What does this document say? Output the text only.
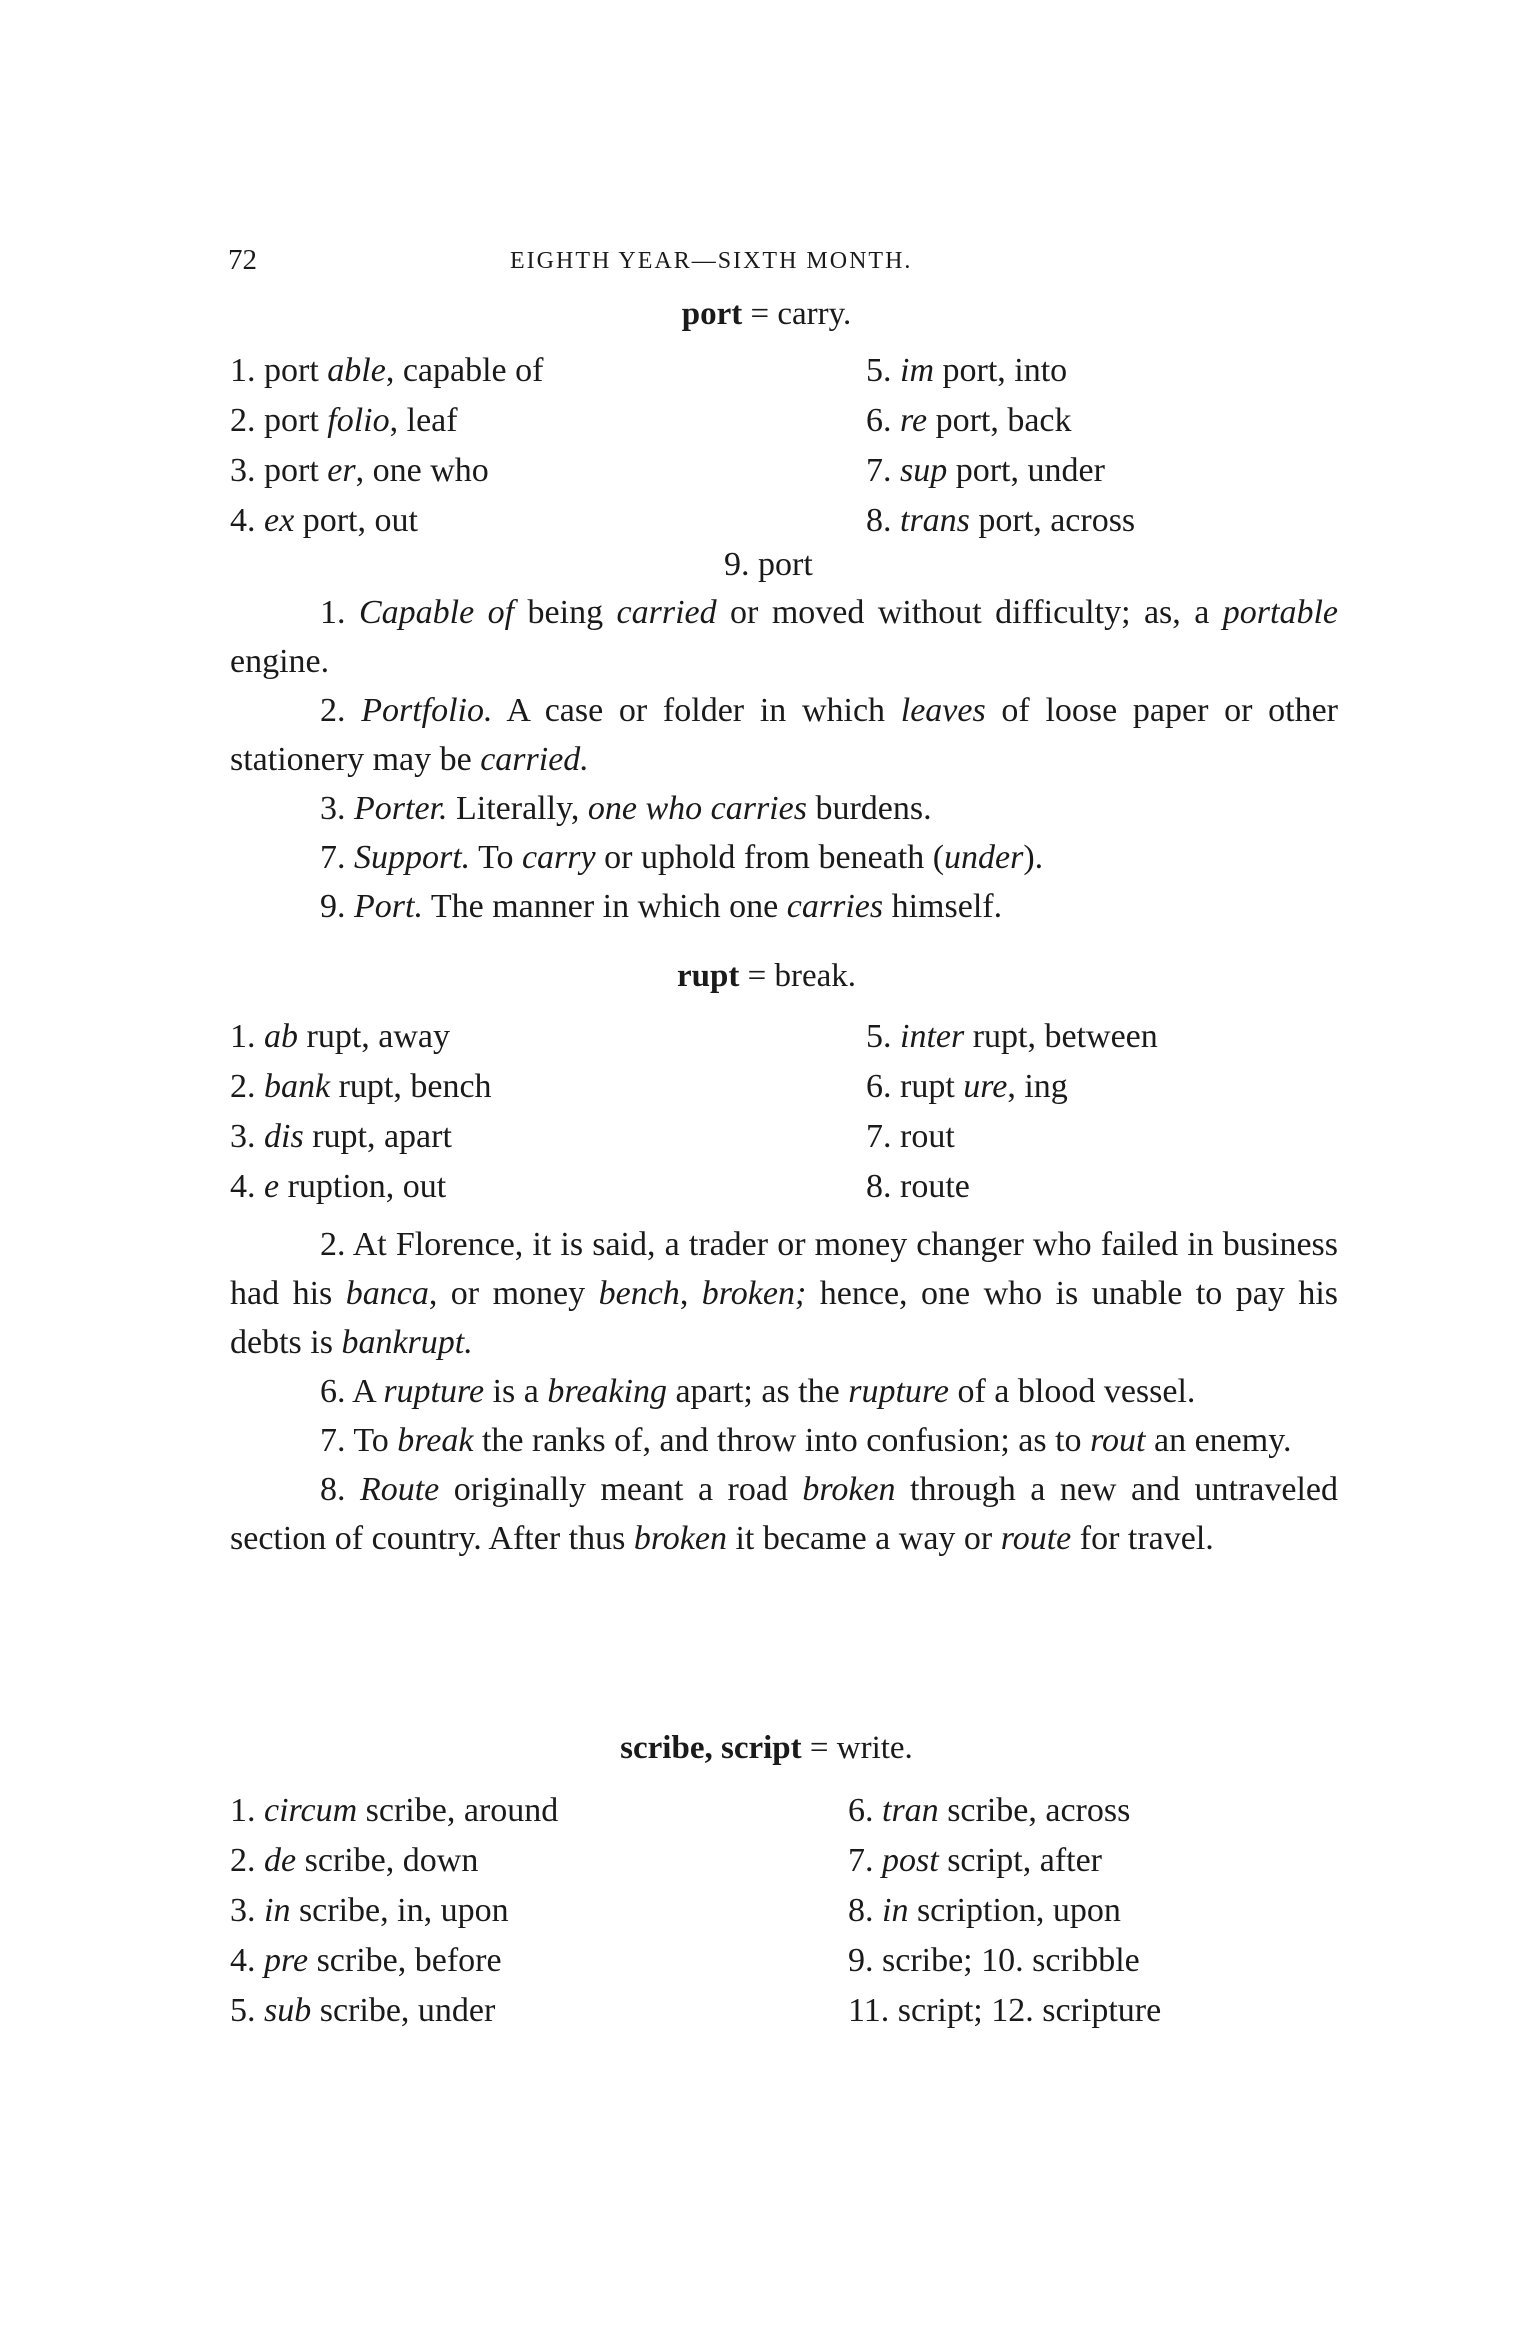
72	EIGHTH YEAR—SIXTH MONTH.
port = carry.
1. port able, capable of
2. port folio, leaf
3. port er, one who
4. ex port, out
5. im port, into
6. re port, back
7. sup port, under
8. trans port, across
9. port

1. Capable of being carried or moved without difficulty; as, a portable engine.

2. Portfolio. A case or folder in which leaves of loose paper or other stationery may be carried.

3. Porter. Literally, one who carries burdens.

7. Support. To carry or uphold from beneath (under).

9. Port. The manner in which one carries himself.

rupt = break.
1. ab rupt, away
2. bank rupt, bench
3. dis rupt, apart
4. e ruption, out
5. inter rupt, between
6. rupt ure, ing
7. rout
8. route

2. At Florence, it is said, a trader or money changer who failed in business had his banca, or money bench, broken; hence, one who is unable to pay his debts is bankrupt.

6. A rupture is a breaking apart; as the rupture of a blood vessel.

7. To break the ranks of, and throw into confusion; as to rout an enemy.

8. Route originally meant a road broken through a new and untraveled section of country. After thus broken it became a way or route for travel.

scribe, script = write.
1. circum scribe, around
2. de scribe, down
3. in scribe, in, upon
4. pre scribe, before
5. sub scribe, under
6. tran scribe, across
7. post script, after
8. in scription, upon
9. scribe; 10. scribble
11. script; 12. scripture
